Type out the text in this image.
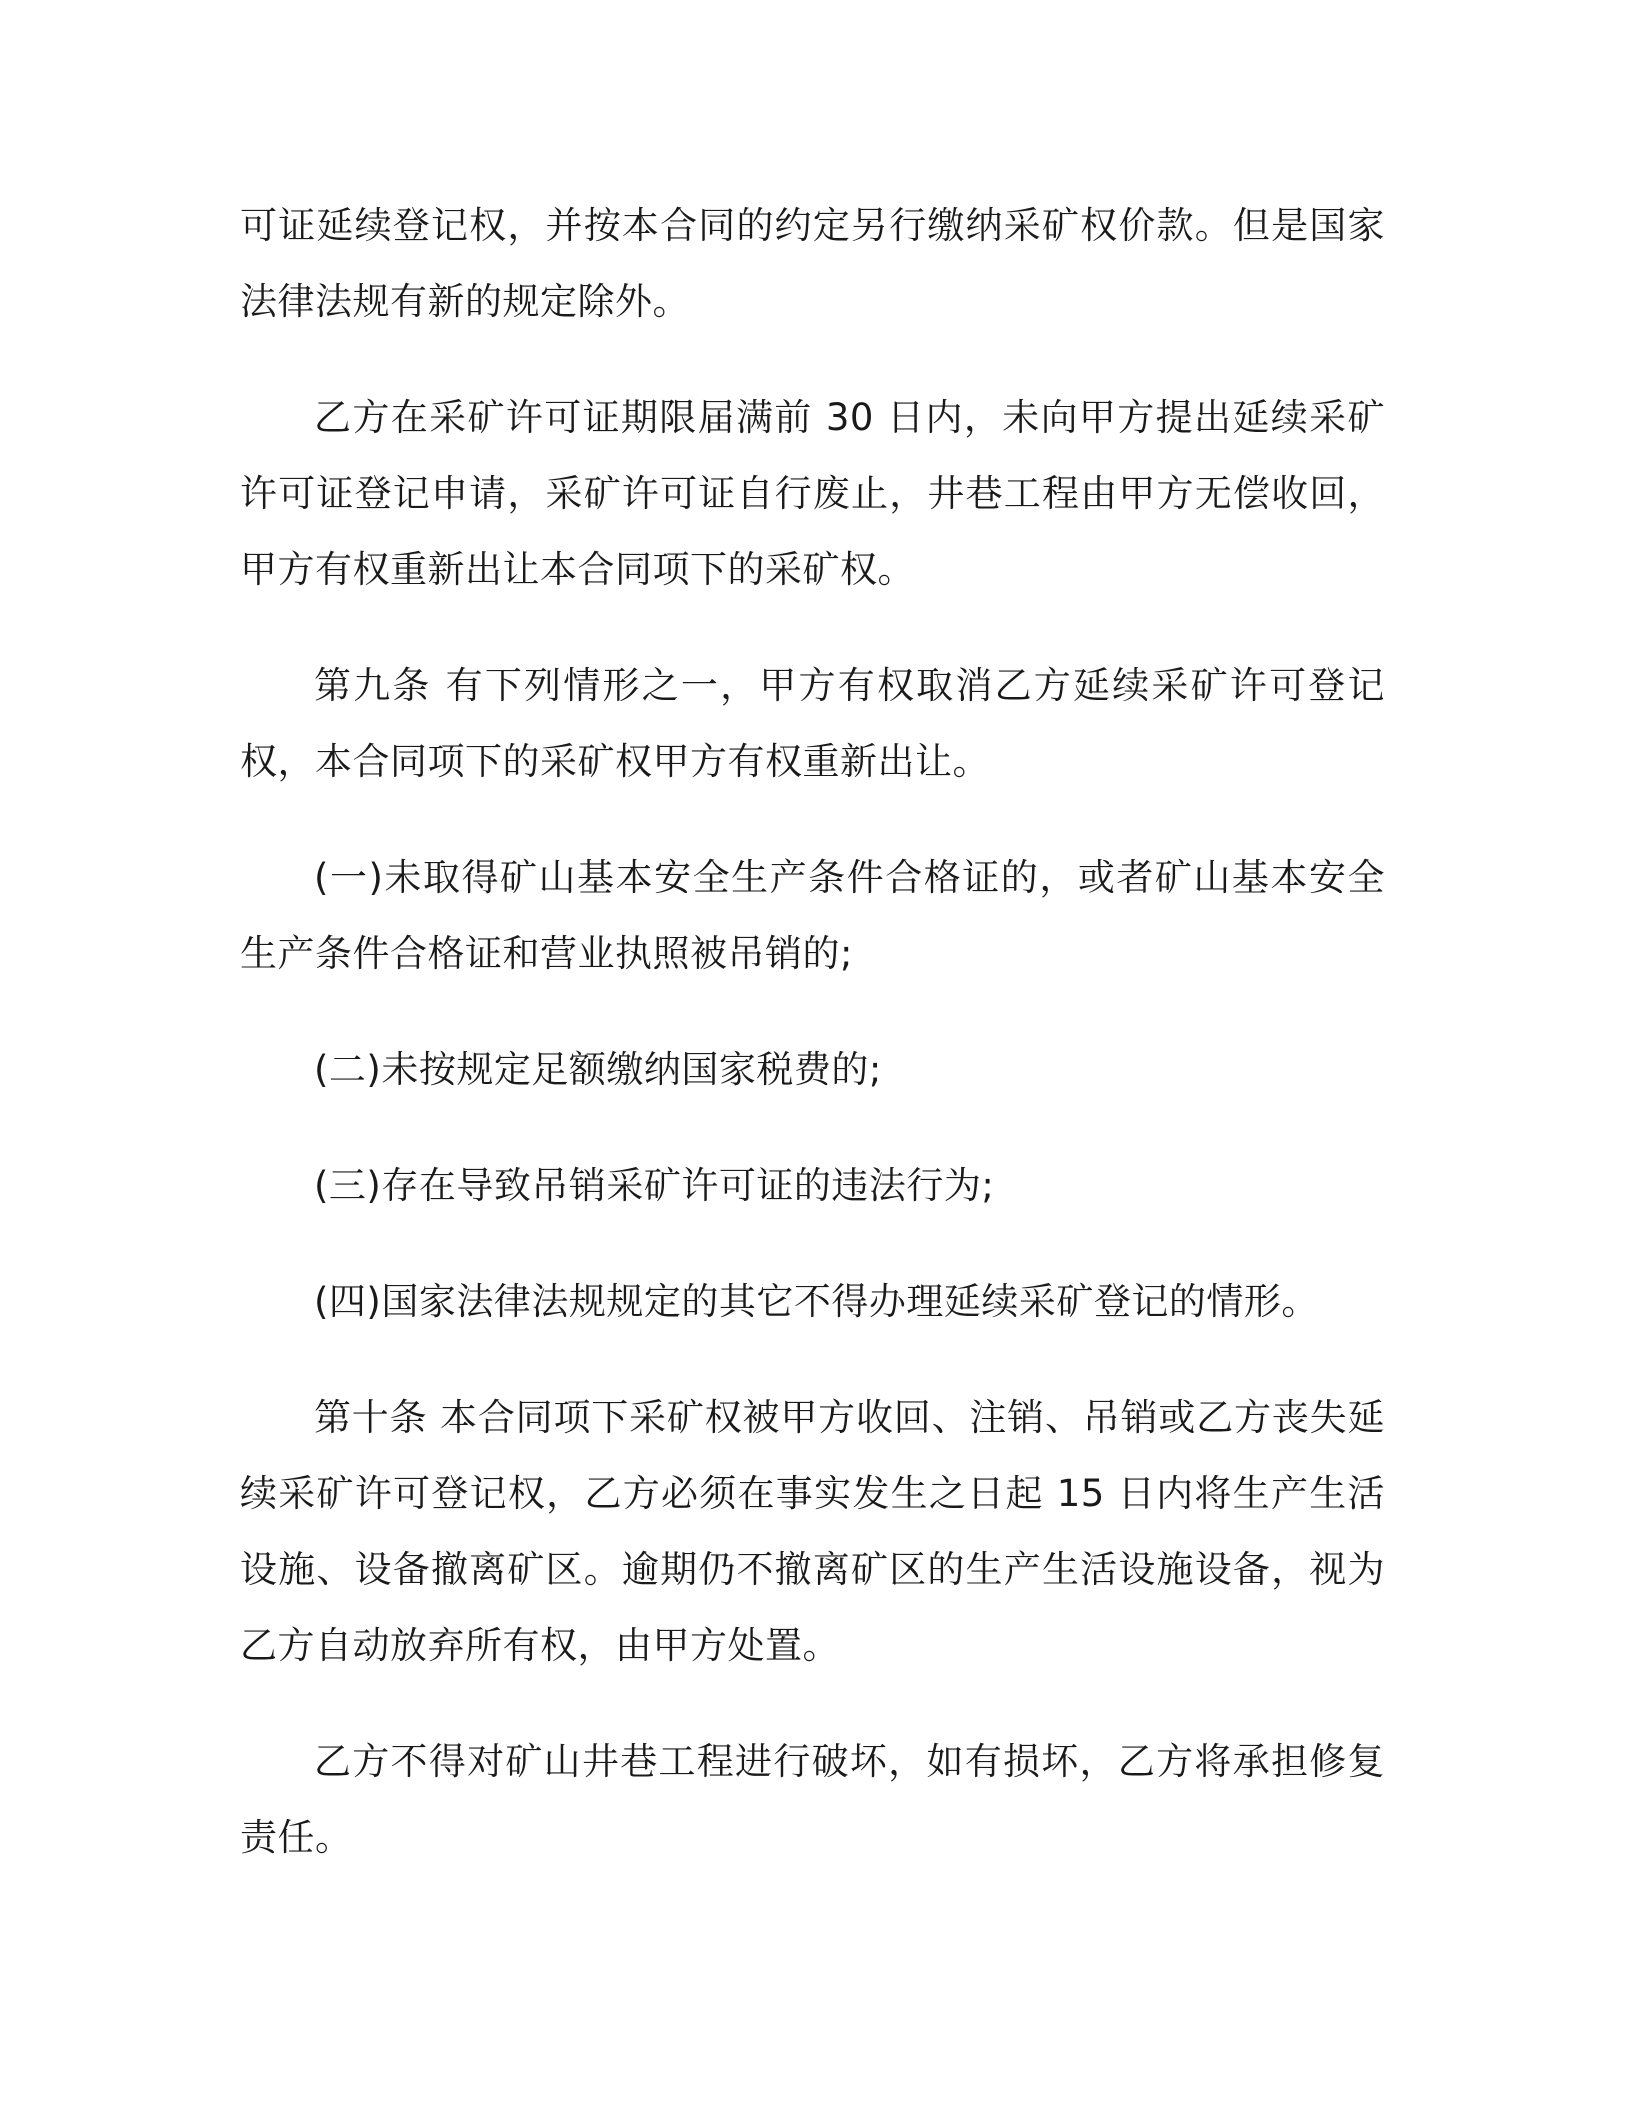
可证延续登记权，并按本合同的约定另行缴纳采矿权价款。但是国家法律法规有新的规定除外。

乙方在采矿许可证期限届满前 30 日内，未向甲方提出延续采矿许可证登记申请，采矿许可证自行废止，井巷工程由甲方无偿收回，甲方有权重新出让本合同项下的采矿权。

第九条 有下列情形之一，甲方有权取消乙方延续采矿许可登记权，本合同项下的采矿权甲方有权重新出让。

(一)未取得矿山基本安全生产条件合格证的，或者矿山基本安全生产条件合格证和营业执照被吊销的;

(二)未按规定足额缴纳国家税费的;

(三)存在导致吊销采矿许可证的违法行为;

(四)国家法律法规规定的其它不得办理延续采矿登记的情形。

第十条 本合同项下采矿权被甲方收回、注销、吊销或乙方丧失延续采矿许可登记权，乙方必须在事实发生之日起 15 日内将生产生活设施、设备撤离矿区。逾期仍不撤离矿区的生产生活设施设备，视为乙方自动放弃所有权，由甲方处置。

乙方不得对矿山井巷工程进行破坏，如有损坏，乙方将承担修复责任。
